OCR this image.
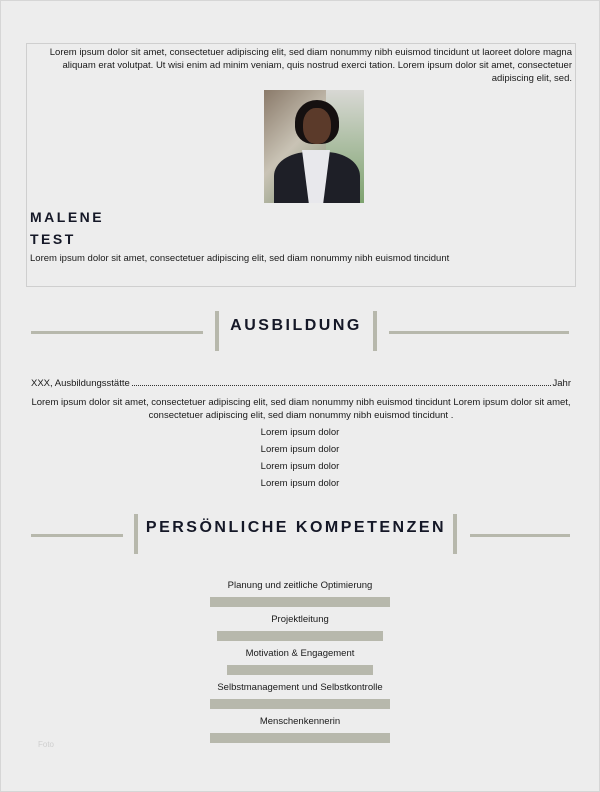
Lorem ipsum dolor sit amet, consectetuer adipiscing elit, sed diam nonummy nibh euismod tincidunt ut laoreet dolore magna aliquam erat volutpat. Ut wisi enim ad minim veniam, quis nostrud exerci tation. Lorem ipsum dolor sit amet, consectetuer adipiscing elit, sed.
MALENE
TEST
Lorem ipsum dolor sit amet, consectetuer adipiscing elit, sed diam nonummy nibh euismod tincidunt
AUSBILDUNG
XXX, Ausbildungsstätte	Jahr
Lorem ipsum dolor sit amet, consectetuer adipiscing elit, sed diam nonummy nibh euismod tincidunt Lorem ipsum dolor sit amet, consectetuer adipiscing elit, sed diam nonummy nibh euismod tincidunt .
Lorem ipsum dolor
Lorem ipsum dolor
Lorem ipsum dolor
Lorem ipsum dolor
PERSÖNLICHE KOMPETENZEN
Planung und zeitliche Optimierung
Projektleitung
Motivation & Engagement
Selbstmanagement und Selbstkontrolle
Menschenkennerin
Foto
